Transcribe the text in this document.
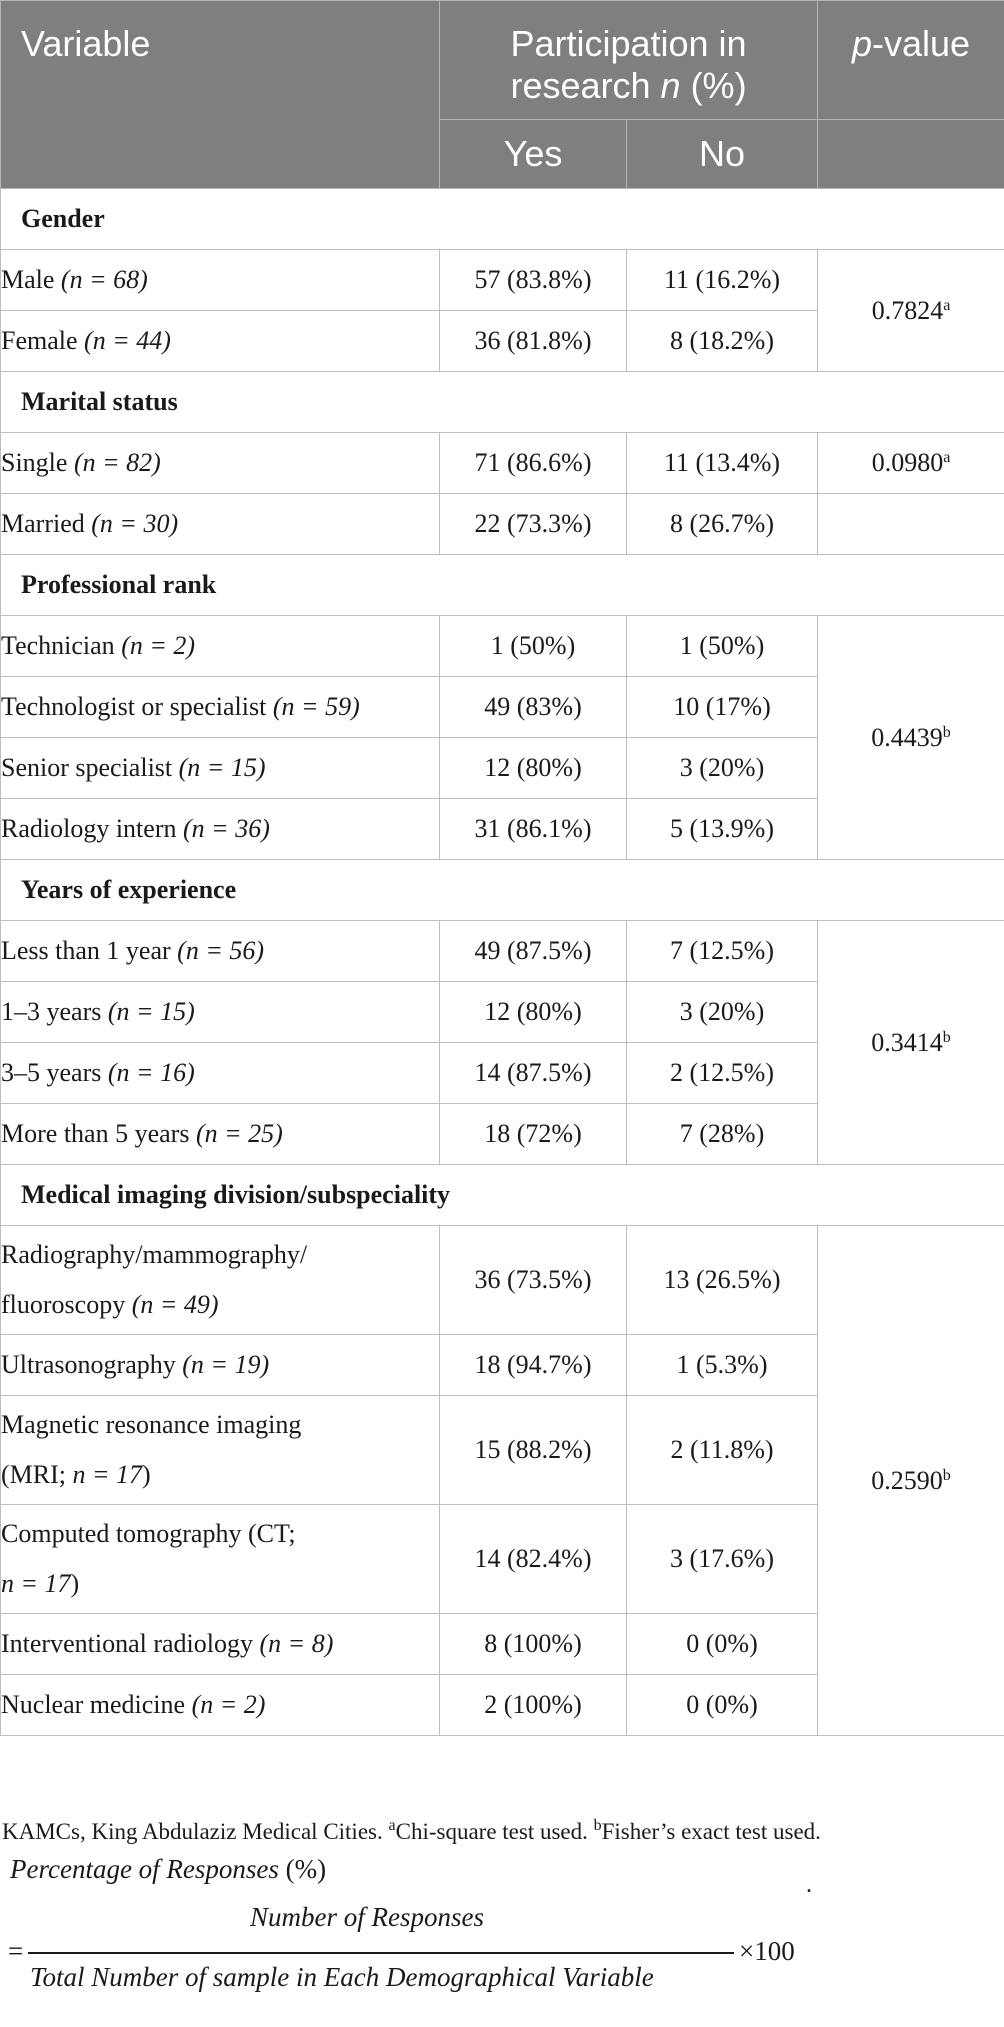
Variable	Participation in
research n (%)		p-value
	Yes	No	
Gender			
Male (n = 68)	57 (83.8%)	11 (16.2%)	0.7824$^a$
Female (n = 44)	36 (81.8%)	8 (18.2%)	
Marital status			
Single (n = 82)	71 (86.6%)	11 (13.4%)	0.0980$^a$
Married (n = 30)	22 (73.3%)	8 (26.7%)	
Professional rank			
Technician (n = 2)	1 (50%)	1 (50%)	0.4439$^b$
Technologist or specialist (n = 59)	49 (83%)	10 (17%)	
Senior specialist (n = 15)	12 (80%)	3 (20%)	
Radiology intern (n = 36)	31 (86.1%)	5 (13.9%)	
Years of experience			
Less than 1 year (n = 56)	49 (87.5%)	7 (12.5%)	0.3414$^b$
1–3 years (n = 15)	12 (80%)	3 (20%)	
3–5 years (n = 16)	14 (87.5%)	2 (12.5%)	
More than 5 years (n = 25)	18 (72%)	7 (28%)	
Medical imaging division/subspeciality			
Radiography/mammography/
fluoroscopy (n = 49)	36 (73.5%)	13 (26.5%)	0.2590$^b$
Ultrasonography (n = 19)	18 (94.7%)	1 (5.3%)	
Magnetic resonance imaging
(MRI; n = 17)	15 (88.2%)	2 (11.8%)	
Computed tomography (CT;
n = 17)	14 (82.4%)	3 (17.6%)	
Interventional radiology (n = 8)	8 (100%)	0 (0%)	
Nuclear medicine (n = 2)	2 (100%)	0 (0%)	
KAMCs, King Abdulaziz Medical Cities. $^a$Chi-square test used. $^b$Fisher’s exact test used.
Percentage of Responses (%)
.
=
Number of Responses
Total Number of sample in Each Demographical Variable
×100
